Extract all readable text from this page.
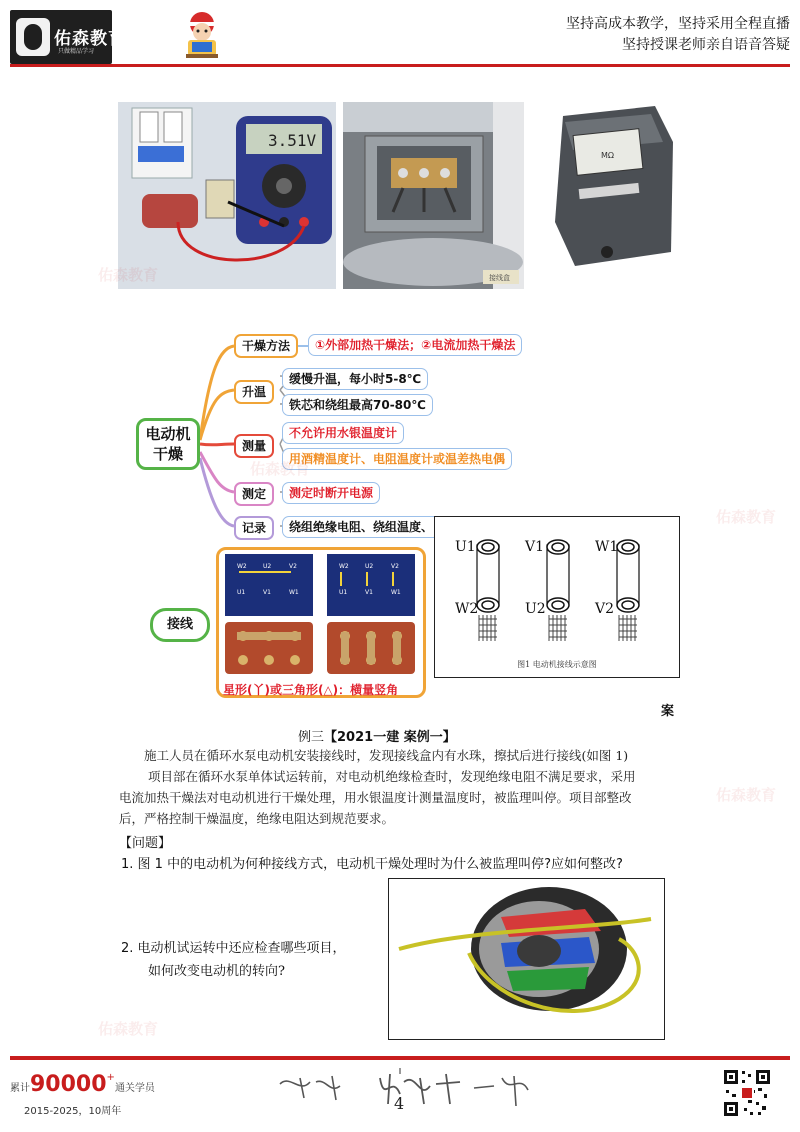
佑森教育
®
只做精品学习
坚持高成本教学，坚持采用全程直播
坚持授课老师亲自语音答疑
3.51V
接线盒
MΩ
电动机干燥
干燥方法	①外部加热干燥法；②电流加热干燥法
升温
缓慢升温，每小时5-8℃
铁芯和绕组最高70-80℃
测量
不允许用水银温度计
用酒精温度计、电阻温度计或温差热电偶
测定	测定时断开电源
记录	绕组绝缘电阻、绕组温度、
接线
W2	U2	V2
U1	V1	W1
W2	U2	V2
U1	V1	W1
星形(丫)或三角形(△)：横量竖角
U1	V1	W1
W2	U2	V2
图1 电动机接线示意图
案
例三【2021一建 案例一】
施工人员在循环水泵电动机安装接线时，发现接线盒内有水珠，擦拭后进行接线(如图 1)
项目部在循环水泵单体试运转前，对电动机绝缘检查时，发现绝缘电阻不满足要求，采用
电流加热干燥法对电动机进行干燥处理，用水银温度计测量温度时，被监理叫停。项目部整改
后，严格控制干燥温度，绝缘电阻达到规范要求。
【问题】
1. 图 1 中的电动机为何种接线方式，电动机干燥处理时为什么被监理叫停?应如何整改?
2. 电动机试运转中还应检查哪些项目，
如何改变电动机的转向?
佑森教育
佑森教育
佑森教育
佑森教育
佑森教育
累计90000+通关学员
2015-2025，10周年	4
